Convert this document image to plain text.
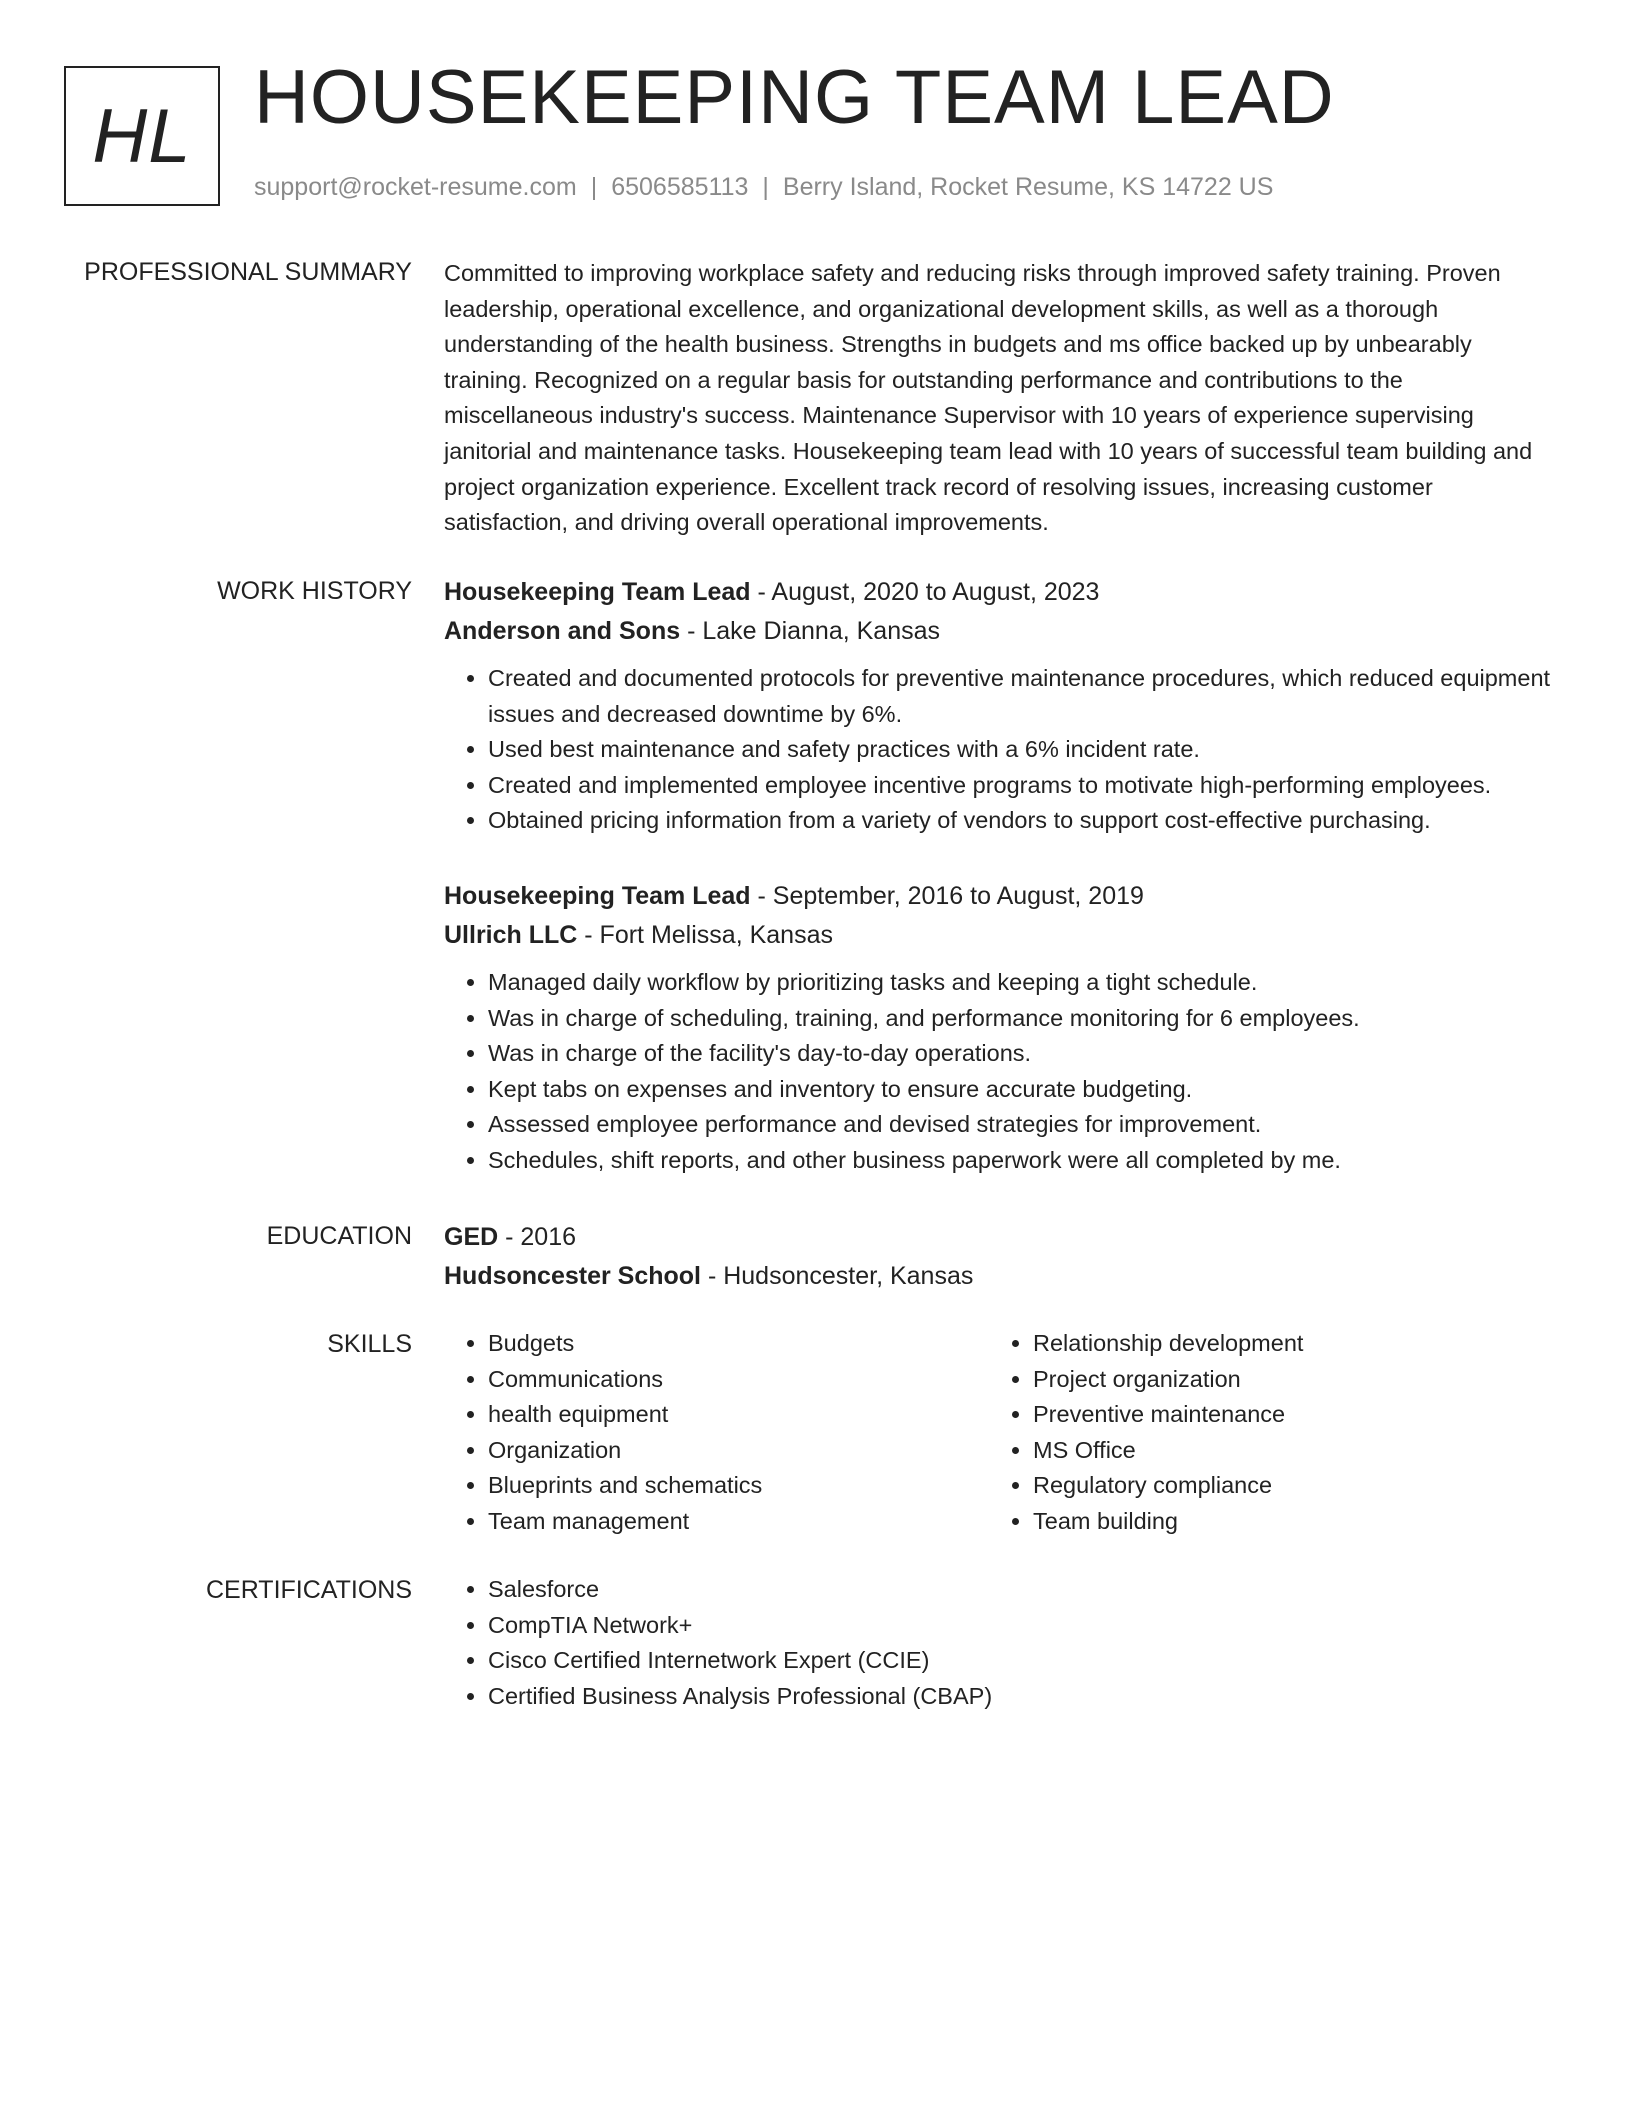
HL HOUSEKEEPING TEAM LEAD
support@rocket-resume.com | 6506585113 | Berry Island, Rocket Resume, KS 14722 US
PROFESSIONAL SUMMARY Committed to improving workplace safety and reducing risks through improved safety training. Proven leadership, operational excellence, and organizational development skills, as well as a thorough understanding of the health business. Strengths in budgets and ms office backed up by unbearably training. Recognized on a regular basis for outstanding performance and contributions to the miscellaneous industry's success. Maintenance Supervisor with 10 years of experience supervising janitorial and maintenance tasks. Housekeeping team lead with 10 years of successful team building and project organization experience. Excellent track record of resolving issues, increasing customer satisfaction, and driving overall operational improvements.

WORK HISTORY Housekeeping Team Lead - August, 2020 to August, 2023
Anderson and Sons - Lake Dianna, Kansas
• Created and documented protocols for preventive maintenance procedures, which reduced equipment issues and decreased downtime by 6%.
• Used best maintenance and safety practices with a 6% incident rate.
• Created and implemented employee incentive programs to motivate high-performing employees.
• Obtained pricing information from a variety of vendors to support cost-effective purchasing.
Housekeeping Team Lead - September, 2016 to August, 2019
Ullrich LLC - Fort Melissa, Kansas
• Managed daily workflow by prioritizing tasks and keeping a tight schedule.
• Was in charge of scheduling, training, and performance monitoring for 6 employees.
• Was in charge of the facility's day-to-day operations.
• Kept tabs on expenses and inventory to ensure accurate budgeting.
• Assessed employee performance and devised strategies for improvement.
• Schedules, shift reports, and other business paperwork were all completed by me.
EDUCATION GED - 2016
Hudsoncester School - Hudsoncester, Kansas
SKILLS	• Budgets
• Communications
• health equipment
• Organization
• Blueprints and schematics
• Team management
• Relationship development
• Project organization
• Preventive maintenance
• MS Office
• Regulatory compliance
• Team building
CERTIFICATIONS	• Salesforce
• CompTIA Network+
• Cisco Certified Internetwork Expert (CCIE)
• Certified Business Analysis Professional (CBAP)
